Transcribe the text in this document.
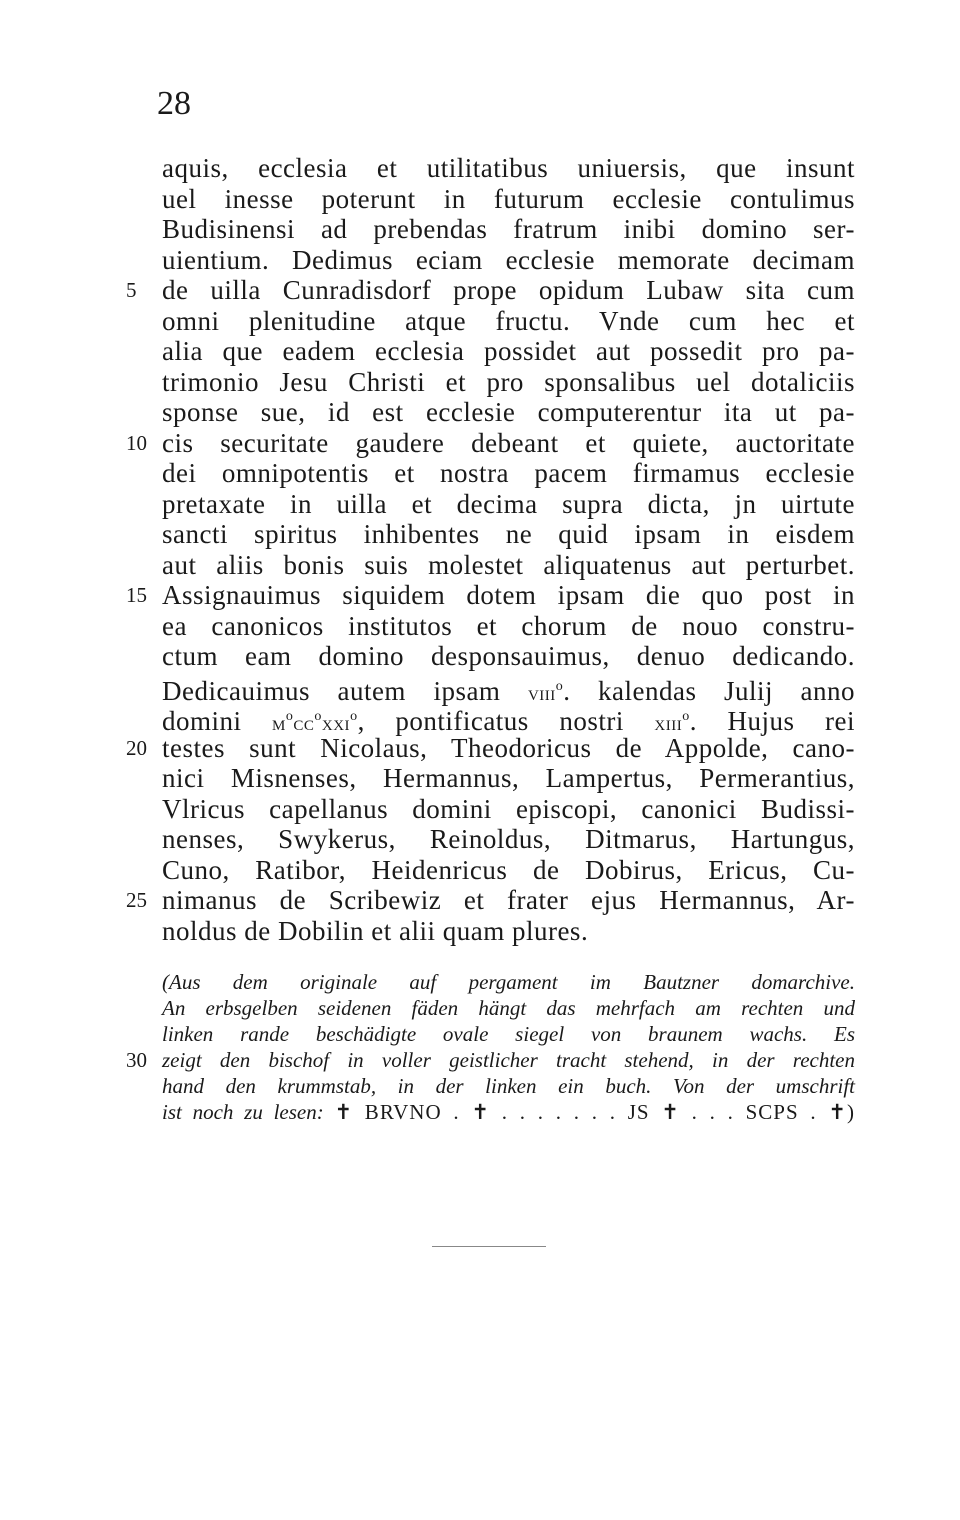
28
aquis, ecclesia et utilitatibus uniuersis, que insunt
uel inesse poterunt in futurum ecclesie contulimus
Budisinensi ad prebendas fratrum inibi domino ser-
uientium. Dedimus eciam ecclesie memorate decimam
5 de uilla Cunradisdorf prope opidum Lubaw sita cum
omni plenitudine atque fructu. Vnde cum hec et
alia que eadem ecclesia possidet aut possedit pro pa-
trimonio Jesu Christi et pro sponsalibus uel dotaliciis
sponse sue, id est ecclesie computerentur ita ut pa-
10 cis securitate gaudere debeant et quiete, auctoritate
dei omnipotentis et nostra pacem firmamus ecclesie
pretaxate in uilla et decima supra dicta, jn uirtute
sancti spiritus inhibentes ne quid ipsam in eisdem
aut aliis bonis suis molestet aliquatenus aut perturbet.
15 Assignauimus siquidem dotem ipsam die quo post in
ea canonicos institutos et chorum de nouo constru-
ctum eam domino desponsauimus, denuo dedicando.
Dedicauimus autem ipsam viii$^o$. kalendas Julij anno
domini $m^occ^oxxi^o$, pontificatus nostri xiii$^o$. Hujus rei
20 testes sunt Nicolaus, Theodoricus de Appolde, cano-
nici Misnenses, Hermannus, Lampertus, Permerantius,
Vlricus capellanus domini episcopi, canonici Budissi-
nenses, Swykerus, Reinoldus, Ditmarus, Hartungus,
Cuno, Ratibor, Heidenricus de Dobirus, Ericus, Cu-
25 nimanus de Scribewiz et frater ejus Hermannus, Ar-
noldus de Dobilin et alii quam plures.
(Aus dem originale auf pergament im Bautzner domarchive.
An erbsgelben seidenen fäden hängt das mehrfach am rechten und
linken rande beschädigte ovale siegel von braunem wachs. Es
30 zeigt den bischof in voller geistlicher tracht stehend, in der rechten
hand den krummstab, in der linken ein buch. Von der umschrift
ist noch zu lesen: ✝ BRVNO . ✝ . . . . . . . JS ✝ . . . SCPS . ✝)
